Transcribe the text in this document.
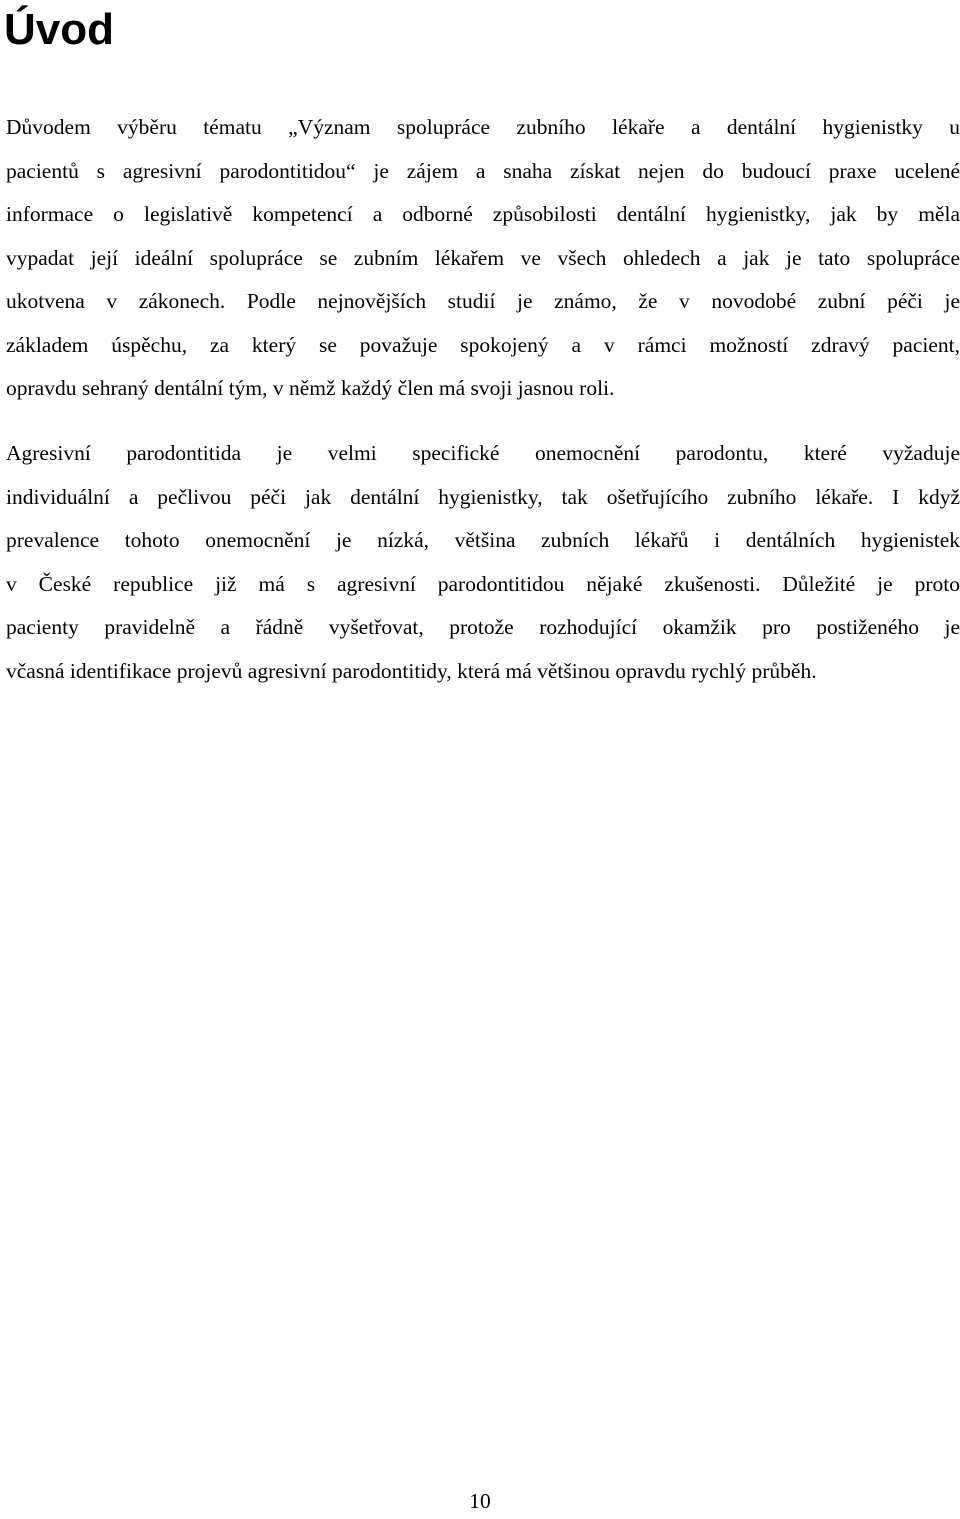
Úvod
Důvodem výběru tématu „Význam spolupráce zubního lékaře a dentální hygienistky u
pacientů s agresivní parodontitidou“ je zájem a snaha získat nejen do budoucí praxe ucelené
informace o legislativě kompetencí a odborné způsobilosti dentální hygienistky, jak by měla
vypadat její ideální spolupráce se zubním lékařem ve všech ohledech a jak je tato spolupráce
ukotvena v zákonech. Podle nejnovějších studií je známo, že v novodobé zubní péči je
základem úspěchu, za který se považuje spokojený a v rámci možností zdravý pacient,
opravdu sehraný dentální tým, v němž každý člen má svoji jasnou roli.
Agresivní parodontitida je velmi specifické onemocnění parodontu, které vyžaduje
individuální a pečlivou péči jak dentální hygienistky, tak ošetřujícího zubního lékaře. I když
prevalence tohoto onemocnění je nízká, většina zubních lékařů i dentálních hygienistek
v České republice již má s agresivní parodontitidou nějaké zkušenosti. Důležité je proto
pacienty pravidelně a řádně vyšetřovat, protože rozhodující okamžik pro postiženého je
včasná identifikace projevů agresivní parodontitidy, která má většinou opravdu rychlý průběh.

10
